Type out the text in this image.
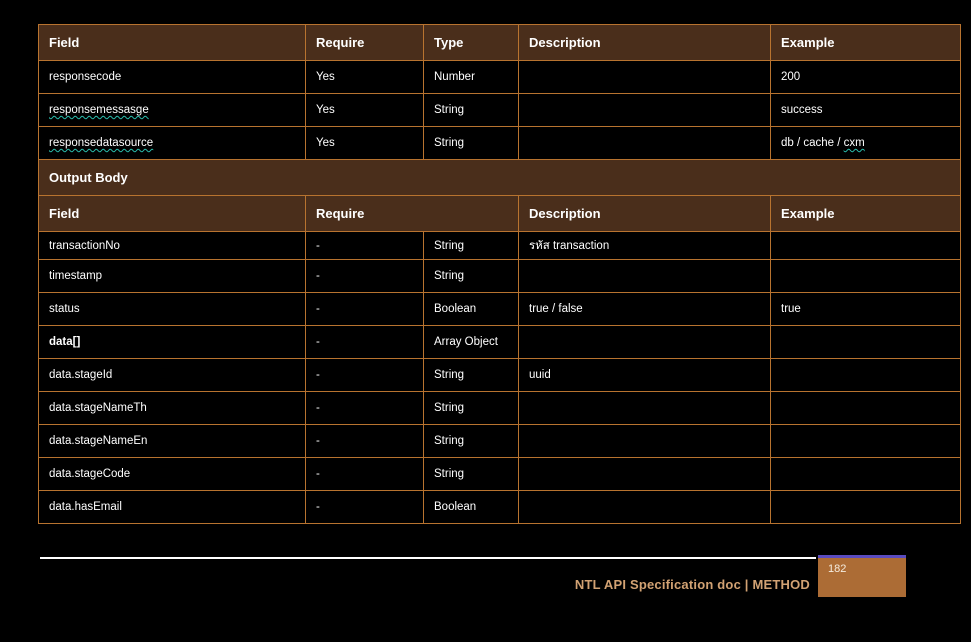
Field	Require	Type	Description	Example
responsecode	Yes	Number		200
responsemessasge	Yes	String		success
responsedatasource	Yes	String		db / cache / cxm
Output Body				
Field	Require		Description	Example
transactionNo	-	String	รหัส transaction	
timestamp	-	String		
status	-	Boolean	true / false	true
data[]	-	Array Object		
data.stageId	-	String	uuid	
data.stageNameTh	-	String		
data.stageNameEn	-	String		
data.stageCode	-	String		
data.hasEmail	-	Boolean		
NTL API Specification doc | METHOD
182
